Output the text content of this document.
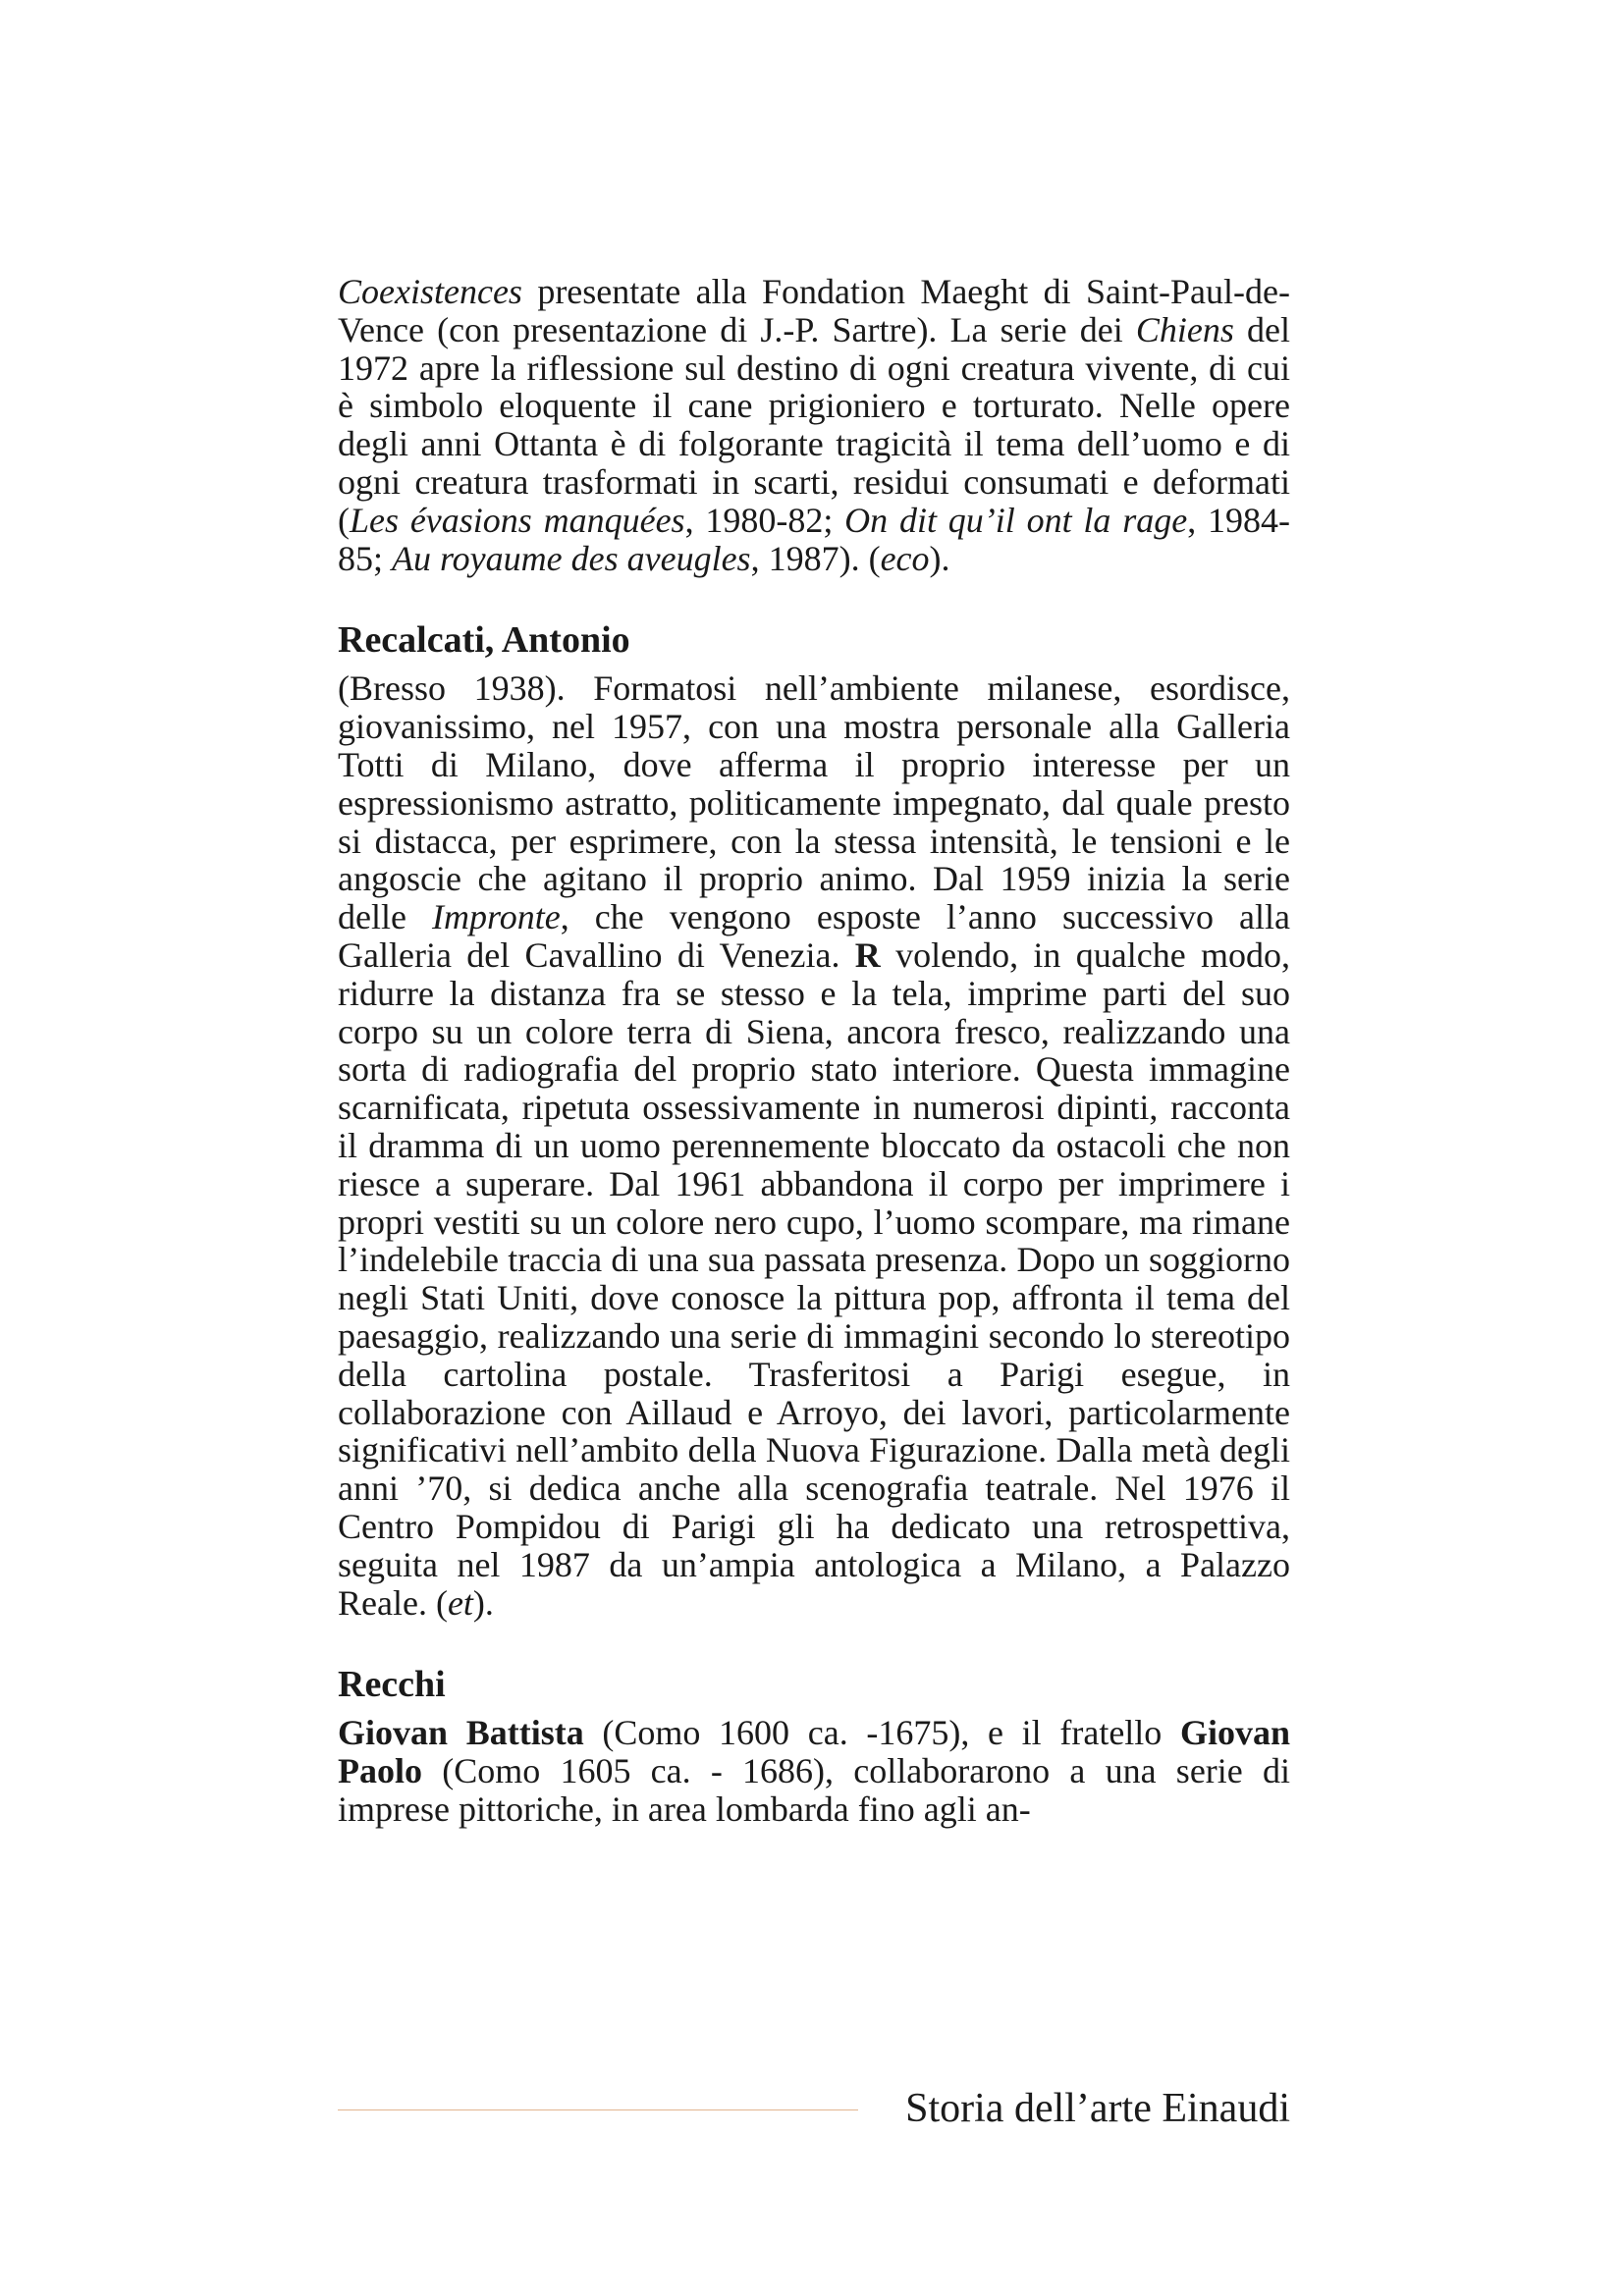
Coexistences presentate alla Fondation Maeght di Saint-Paul-de-Vence (con presentazione di J.-P. Sartre). La serie dei Chiens del 1972 apre la riflessione sul destino di ogni creatura vivente, di cui è simbolo eloquente il cane prigioniero e torturato. Nelle opere degli anni Ottanta è di folgorante tragicità il tema dell’uomo e di ogni creatura trasformati in scarti, residui consumati e deformati (Les évasions manquées, 1980-82; On dit qu’il ont la rage, 1984-85; Au royaume des aveugles, 1987). (eco).

Recalcati, Antonio

(Bresso 1938). Formatosi nell’ambiente milanese, esordisce, giovanissimo, nel 1957, con una mostra personale alla Galleria Totti di Milano, dove afferma il proprio interesse per un espressionismo astratto, politicamente impegnato, dal quale presto si distacca, per esprimere, con la stessa intensità, le tensioni e le angoscie che agitano il proprio animo. Dal 1959 inizia la serie delle Impronte, che vengono esposte l’anno successivo alla Galleria del Cavallino di Venezia. R volendo, in qualche modo, ridurre la distanza fra se stesso e la tela, imprime parti del suo corpo su un colore terra di Siena, ancora fresco, realizzando una sorta di radiografia del proprio stato interiore. Questa immagine scarnificata, ripetuta ossessivamente in numerosi dipinti, racconta il dramma di un uomo perennemente bloccato da ostacoli che non riesce a superare. Dal 1961 abbandona il corpo per imprimere i propri vestiti su un colore nero cupo, l’uomo scompare, ma rimane l’indelebile traccia di una sua passata presenza. Dopo un soggiorno negli Stati Uniti, dove conosce la pittura pop, affronta il tema del paesaggio, realizzando una serie di immagini secondo lo stereotipo della cartolina postale. Trasferitosi a Parigi esegue, in collaborazione con Aillaud e Arroyo, dei lavori, particolarmente significativi nell’ambito della Nuova Figurazione. Dalla metà degli anni ’70, si dedica anche alla scenografia teatrale. Nel 1976 il Centro Pompidou di Parigi gli ha dedicato una retrospettiva, seguita nel 1987 da un’ampia antologica a Milano, a Palazzo Reale. (et).

Recchi

Giovan Battista (Como 1600 ca. -1675), e il fratello Giovan Paolo (Como 1605 ca. - 1686), collaborarono a una serie di imprese pittoriche, in area lombarda fino agli an-

Storia dell’arte Einaudi
